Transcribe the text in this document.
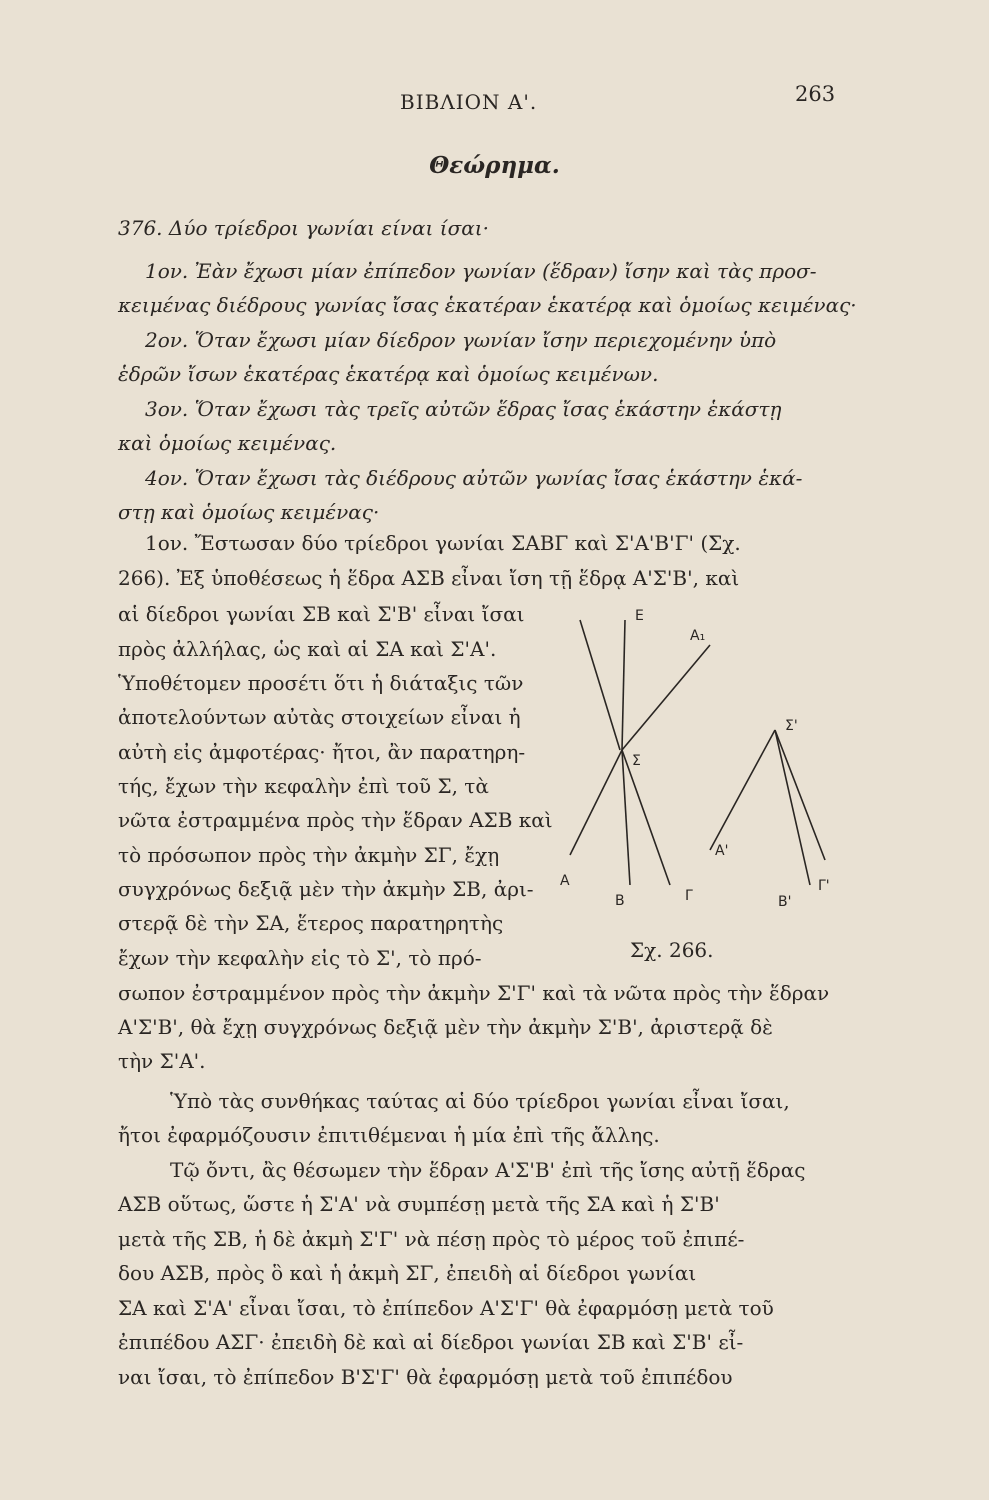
ΒΙΒΛΙΟΝ Α'.	263
Θεώρημα.
376. Δύο τρίεδροι γωνίαι είναι ίσαι·
1ον. Ἐὰν ἔχωσι μίαν ἐπίπεδον γωνίαν (ἕδραν) ἴσην καὶ τὰς προσ-
κειμένας διέδρους γωνίας ἴσας ἑκατέραν ἑκατέρᾳ καὶ ὁμοίως κειμένας·
2ον. Ὅταν ἔχωσι μίαν δίεδρον γωνίαν ἴσην περιεχομένην ὑπὸ
ἑδρῶν ἴσων ἑκατέρας ἑκατέρᾳ καὶ ὁμοίως κειμένων.
3ον. Ὅταν ἔχωσι τὰς τρεῖς αὐτῶν ἕδρας ἴσας ἑκάστην ἑκάστῃ
καὶ ὁμοίως κειμένας.
4ον. Ὅταν ἔχωσι τὰς διέδρους αὐτῶν γωνίας ἴσας ἑκάστην ἑκά-
στῃ καὶ ὁμοίως κειμένας·
1ον. Ἔστωσαν δύο τρίεδροι γωνίαι ΣΑΒΓ καὶ Σ'Α'Β'Γ' (Σχ.
266). Ἐξ ὑποθέσεως ἡ ἕδρα ΑΣΒ εἶναι ἴση τῇ ἕδρᾳ Α'Σ'Β', καὶ
αἱ δίεδροι γωνίαι ΣΒ καὶ Σ'Β' εἶναι ἴσαι
πρὸς ἀλλήλας, ὡς καὶ αἱ ΣΑ καὶ Σ'Α'.
Ὑποθέτομεν προσέτι ὅτι ἡ διάταξις τῶν
ἀποτελούντων αὐτὰς στοιχείων εἶναι ἡ
αὐτὴ εἰς ἀμφοτέρας· ἤτοι, ἂν παρατηρη-
τής, ἔχων τὴν κεφαλὴν ἐπὶ τοῦ Σ, τὰ
νῶτα ἐστραμμένα πρὸς τὴν ἕδραν ΑΣΒ καὶ
τὸ πρόσωπον πρὸς τὴν ἀκμὴν ΣΓ, ἔχῃ
συγχρόνως δεξιᾷ μὲν τὴν ἀκμὴν ΣΒ, ἀρι-
στερᾷ δὲ τὴν ΣΑ, ἕτερος παρατηρητὴς
ἔχων τὴν κεφαλὴν εἰς τὸ Σ', τὸ πρό-
σωπον ἐστραμμένον πρὸς τὴν ἀκμὴν Σ'Γ' καὶ τὰ νῶτα πρὸς τὴν ἕδραν
Α'Σ'Β', θὰ ἔχῃ συγχρόνως δεξιᾷ μὲν τὴν ἀκμὴν Σ'Β', ἀριστερᾷ δὲ
τὴν Σ'Α'.
Ὑπὸ τὰς συνθήκας ταύτας αἱ δύο τρίεδροι γωνίαι εἶναι ἴσαι,
ἤτοι ἐφαρμόζουσιν ἐπιτιθέμεναι ἡ μία ἐπὶ τῆς ἄλλης.
Τῷ ὄντι, ἂς θέσωμεν τὴν ἕδραν Α'Σ'Β' ἐπὶ τῆς ἴσης αὐτῇ ἕδρας
ΑΣΒ οὕτως, ὥστε ἡ Σ'Α' νὰ συμπέσῃ μετὰ τῆς ΣΑ καὶ ἡ Σ'Β'
μετὰ τῆς ΣΒ, ἡ δὲ ἀκμὴ Σ'Γ' νὰ πέσῃ πρὸς τὸ μέρος τοῦ ἐπιπέ-
δου ΑΣΒ, πρὸς ὃ καὶ ἡ ἀκμὴ ΣΓ, ἐπειδὴ αἱ δίεδροι γωνίαι
ΣΑ καὶ Σ'Α' εἶναι ἴσαι, τὸ ἐπίπεδον Α'Σ'Γ' θὰ ἐφαρμόσῃ μετὰ τοῦ
ἐπιπέδου ΑΣΓ· ἐπειδὴ δὲ καὶ αἱ δίεδροι γωνίαι ΣΒ καὶ Σ'Β' εἶ-
ναι ἴσαι, τὸ ἐπίπεδον Β'Σ'Γ' θὰ ἐφαρμόσῃ μετὰ τοῦ ἐπιπέδου
Ε
Α₁
Σ
Σ'
Α'
Α
Β	Γ	Β'
Γ'
Σχ. 266.
